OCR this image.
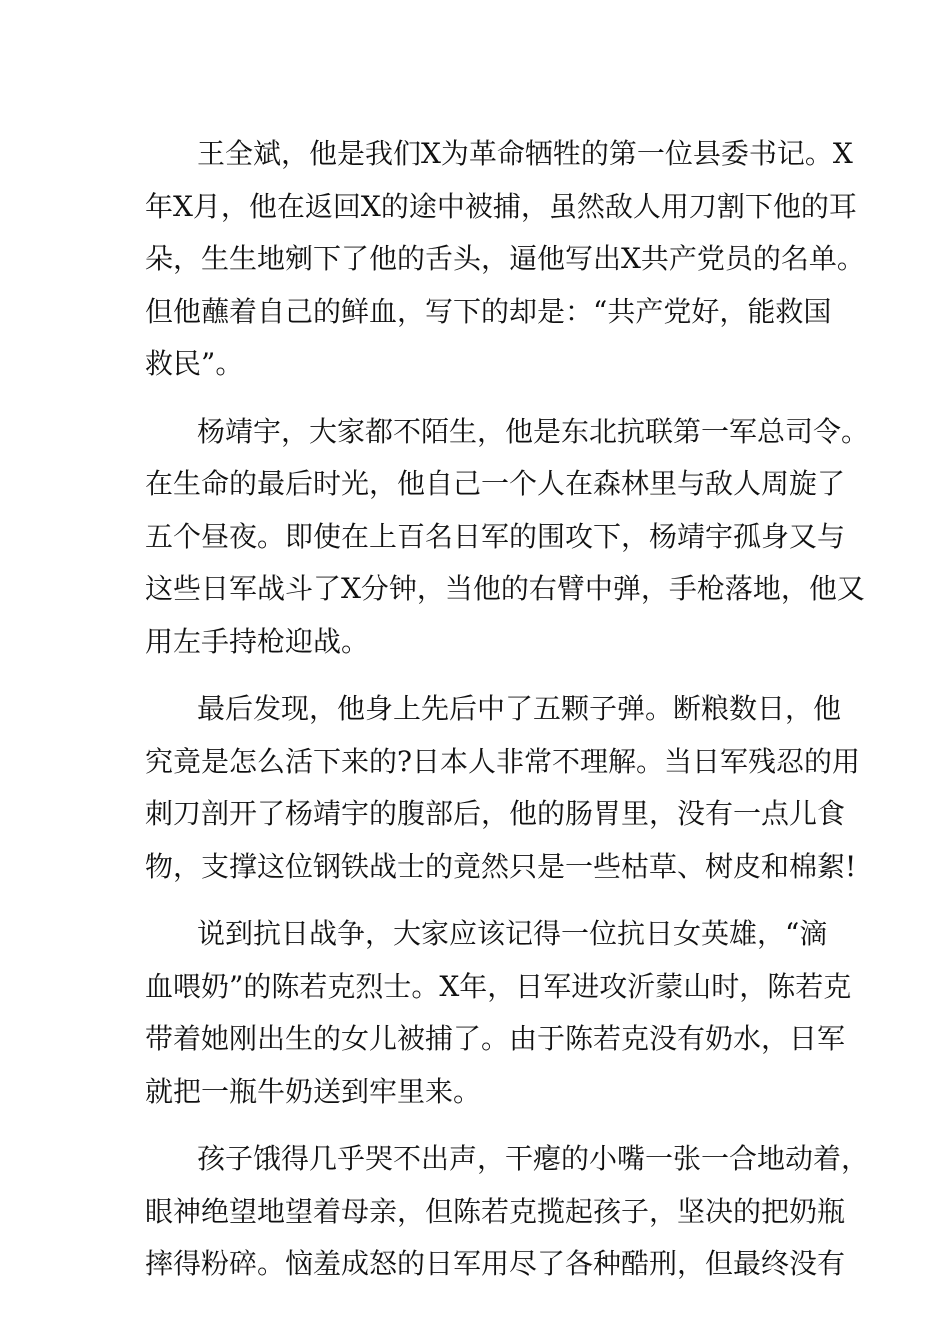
王全斌，他是我们X为革命牺牲的第一位县委书记。X
年X月，他在返回X的途中被捕，虽然敌人用刀割下他的耳
朵，生生地剜下了他的舌头，逼他写出X共产党员的名单。
但他蘸着自己的鲜血，写下的却是：“共产党好，能救国
救民”。
杨靖宇，大家都不陌生，他是东北抗联第一军总司令。
在生命的最后时光，他自己一个人在森林里与敌人周旋了
五个昼夜。即使在上百名日军的围攻下，杨靖宇孤身又与
这些日军战斗了X分钟，当他的右臂中弹，手枪落地，他又
用左手持枪迎战。
最后发现，他身上先后中了五颗子弹。断粮数日，他
究竟是怎么活下来的?日本人非常不理解。当日军残忍的用
刺刀剖开了杨靖宇的腹部后，他的肠胃里，没有一点儿食
物，支撑这位钢铁战士的竟然只是一些枯草、树皮和棉絮!
说到抗日战争，大家应该记得一位抗日女英雄，“滴
血喂奶”的陈若克烈士。X年，日军进攻沂蒙山时，陈若克
带着她刚出生的女儿被捕了。由于陈若克没有奶水，日军
就把一瓶牛奶送到牢里来。
孩子饿得几乎哭不出声，干瘪的小嘴一张一合地动着，
眼神绝望地望着母亲，但陈若克揽起孩子，坚决的把奶瓶
摔得粉碎。恼羞成怒的日军用尽了各种酷刑，但最终没有
